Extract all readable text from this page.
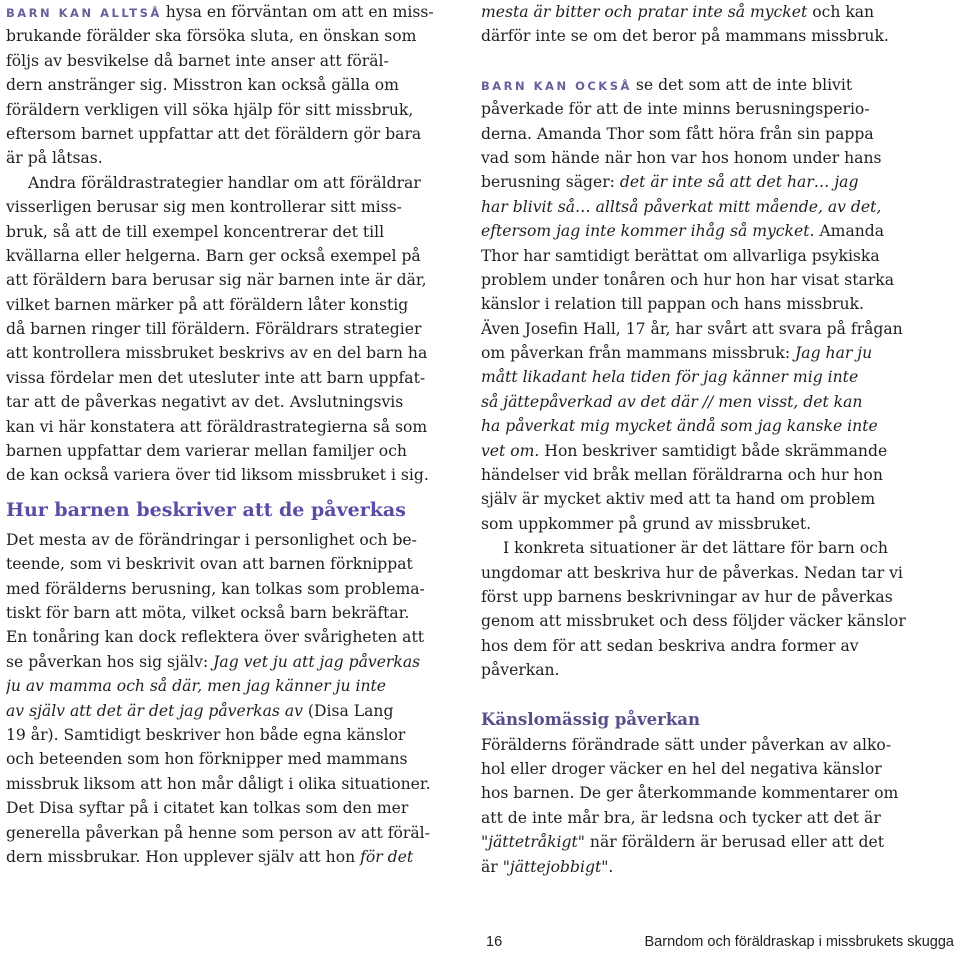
BARN KAN ALLTSÅ hysa en förväntan om att en miss-
brukande förälder ska försöka sluta, en önskan som
följs av besvikelse då barnet inte anser att föräl-
dern anstränger sig. Misstron kan också gälla om
föräldern verkligen vill söka hjälp för sitt missbruk,
eftersom barnet uppfattar att det föräldern gör bara
är på låtsas.
Andra föräldrastrategier handlar om att föräldrar
visserligen berusar sig men kontrollerar sitt miss-
bruk, så att de till exempel koncentrerar det till
kvällarna eller helgerna. Barn ger också exempel på
att föräldern bara berusar sig när barnen inte är där,
vilket barnen märker på att föräldern låter konstig
då barnen ringer till föräldern. Föräldrars strategier
att kontrollera missbruket beskrivs av en del barn ha
vissa fördelar men det utesluter inte att barn uppfat-
tar att de påverkas negativt av det. Avslutningsvis
kan vi här konstatera att föräldrastrategierna så som
barnen uppfattar dem varierar mellan familjer och
de kan också variera över tid liksom missbruket i sig.
Hur barnen beskriver att de påverkas
Det mesta av de förändringar i personlighet och be-
teende, som vi beskrivit ovan att barnen förknippat
med förälderns berusning, kan tolkas som problema-
tiskt för barn att möta, vilket också barn bekräftar.
En tonåring kan dock reflektera över svårigheten att
se påverkan hos sig själv: Jag vet ju att jag påverkas
ju av mamma och så där, men jag känner ju inte
av själv att det är det jag påverkas av (Disa Lang
19 år). Samtidigt beskriver hon både egna känslor
och beteenden som hon förknipper med mammans
missbruk liksom att hon mår dåligt i olika situationer.
Det Disa syftar på i citatet kan tolkas som den mer
generella påverkan på henne som person av att föräl-
dern missbrukar. Hon upplever själv att hon för det
mesta är bitter och pratar inte så mycket och kan
därför inte se om det beror på mammans missbruk.
BARN KAN OCKSÅ se det som att de inte blivit
påverkade för att de inte minns berusningsperio-
derna. Amanda Thor som fått höra från sin pappa
vad som hände när hon var hos honom under hans
berusning säger: det är inte så att det har… jag
har blivit så… alltså påverkat mitt mående, av det,
eftersom jag inte kommer ihåg så mycket. Amanda
Thor har samtidigt berättat om allvarliga psykiska
problem under tonåren och hur hon har visat starka
känslor i relation till pappan och hans missbruk.
Även Josefin Hall, 17 år, har svårt att svara på frågan
om påverkan från mammans missbruk: Jag har ju
mått likadant hela tiden för jag känner mig inte
så jättepåverkad av det där // men visst, det kan
ha påverkat mig mycket ändå som jag kanske inte
vet om. Hon beskriver samtidigt både skrämmande
händelser vid bråk mellan föräldrarna och hur hon
själv är mycket aktiv med att ta hand om problem
som uppkommer på grund av missbruket.
I konkreta situationer är det lättare för barn och
ungdomar att beskriva hur de påverkas. Nedan tar vi
först upp barnens beskrivningar av hur de påverkas
genom att missbruket och dess följder väcker känslor
hos dem för att sedan beskriva andra former av
påverkan.
Känslomässig påverkan
Förälderns förändrade sätt under påverkan av alko-
hol eller droger väcker en hel del negativa känslor
hos barnen. De ger återkommande kommentarer om
att de inte mår bra, är ledsna och tycker att det är
"jättetråkigt" när föräldern är berusad eller att det
är "jättejobbigt".
16	Barndom och föräldraskap i missbrukets skugga
